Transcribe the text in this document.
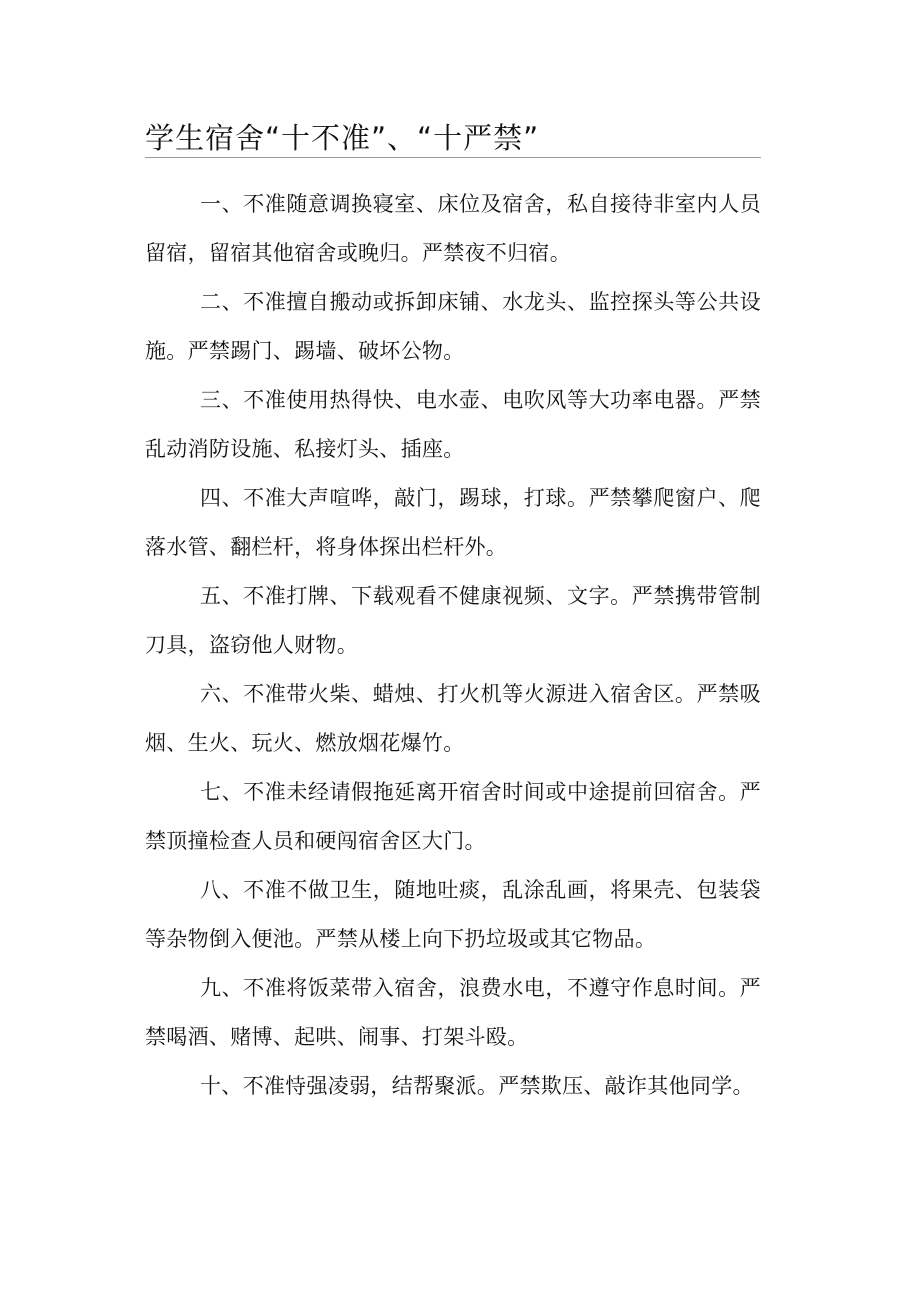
学生宿舍“十不准”、“十严禁”

一、不准随意调换寝室、床位及宿舍，私自接待非室内人员留宿，留宿其他宿舍或晚归。严禁夜不归宿。

二、不准擅自搬动或拆卸床铺、水龙头、监控探头等公共设施。严禁踢门、踢墙、破坏公物。

三、不准使用热得快、电水壶、电吹风等大功率电器。严禁乱动消防设施、私接灯头、插座。

四、不准大声喧哗，敲门，踢球，打球。严禁攀爬窗户、爬落水管、翻栏杆，将身体探出栏杆外。

五、不准打牌、下载观看不健康视频、文字。严禁携带管制刀具，盗窃他人财物。

六、不准带火柴、蜡烛、打火机等火源进入宿舍区。严禁吸烟、生火、玩火、燃放烟花爆竹。

七、不准未经请假拖延离开宿舍时间或中途提前回宿舍。严禁顶撞检查人员和硬闯宿舍区大门。

八、不准不做卫生，随地吐痰，乱涂乱画，将果壳、包装袋等杂物倒入便池。严禁从楼上向下扔垃圾或其它物品。

九、不准将饭菜带入宿舍，浪费水电，不遵守作息时间。严禁喝酒、赌博、起哄、闹事、打架斗殴。

十、不准恃强凌弱，结帮聚派。严禁欺压、敲诈其他同学。
